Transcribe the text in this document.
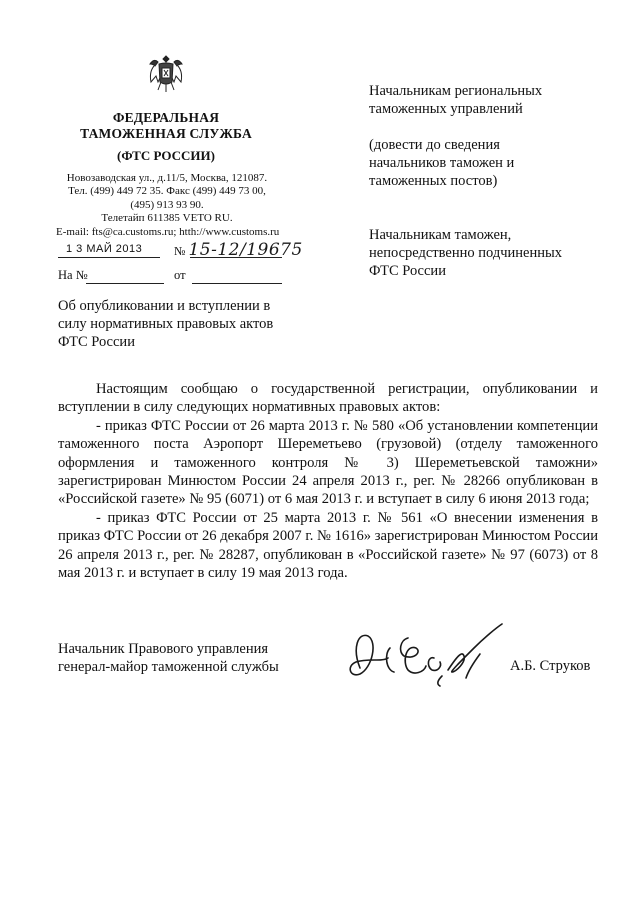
ФЕДЕРАЛЬНАЯ
ТАМОЖЕННАЯ СЛУЖБА
(ФТС РОССИИ)
Новозаводская ул., д.11/5, Москва, 121087.
Тел. (499) 449 72 35. Факс (499) 449 73 00,
(495) 913 93 90.
Телетайп 611385 VETO RU.
E-mail: fts@ca.customs.ru; htth://www.customs.ru
1 3 МАЙ 2013	№ 15-12/19675
На №	от
Об опубликовании и вступлении в
силу нормативных правовых актов
ФТС России
Начальникам региональных
таможенных управлений
(довести до сведения
начальников таможен и
таможенных постов)
Начальникам таможен,
непосредственно подчиненных
ФТС России

Настоящим сообщаю о государственной регистрации, опубликовании и вступлении в силу следующих нормативных правовых актов:

- приказ ФТС России от 26 марта 2013 г. № 580 «Об установлении компетенции таможенного поста Аэропорт Шереметьево (грузовой) (отделу таможенного оформления и таможенного контроля № 3) Шереметьевской таможни» зарегистрирован Минюстом России 24 апреля 2013 г., рег. № 28266 опубликован в «Российской газете» № 95 (6071) от 6 мая 2013 г. и вступает в силу 6 июня 2013 года;

- приказ ФТС России от 25 марта 2013 г. № 561 «О внесении изменения в приказ ФТС России от 26 декабря 2007 г. № 1616» зарегистрирован Минюстом России 26 апреля 2013 г., рег. № 28287, опубликован в «Российской газете» № 97 (6073) от 8 мая 2013 г. и вступает в силу 19 мая 2013 года.

Начальник Правового управления
генерал-майор таможенной службы	А.Б. Струков
